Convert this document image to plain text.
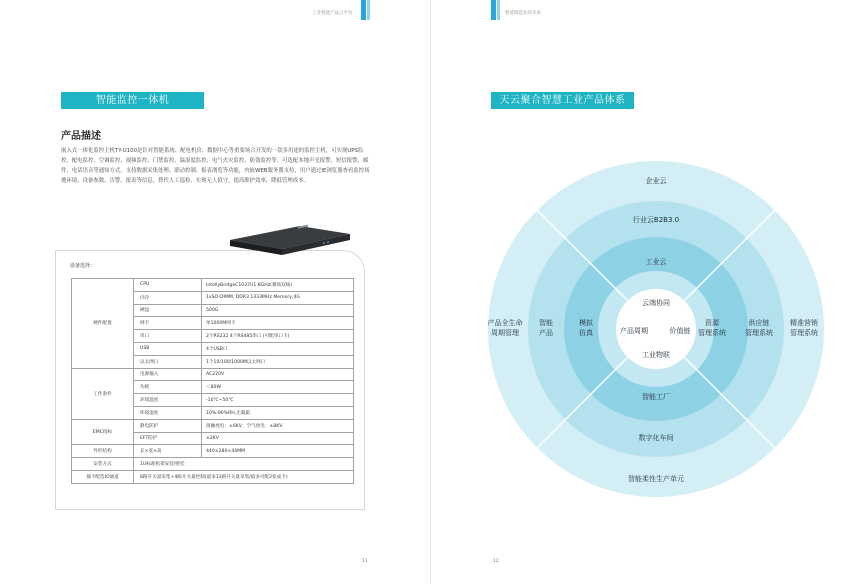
工业智能产品云平台
智能监控一体机
产品描述
嵌入式一体化监控主机TY-U100是针对智能系统、配电机房、数据中心等重要场合开发的一款多用途的监控主机，可实现UPS监控、配电监控、空调监控、视频监控、门禁监控、温湿度监控、电气火灾监控、防盗监控等。可选配本地声光报警、短信报警、邮件、电话语音等通知方式。支持数据采集处理、联动控制、报表浏览等功能，内嵌WEB服务器支持，用户通过IE浏览器查看监控场地环境、设备参数、告警、报表等信息，替代人工巡检，实现无人值守，提高维护效率，降低管理成本。
设备选择：
硬件配置	CPU	IntellyBridgeC1037U1.8GHz(赛扬双核)
	内存	1xSO-DIMM, DDR3 1333MHz Memory,4G
	硬盘	500G
	网卡	单1000M网卡
	串口	2个RS232 4个RS485串口 (可配串口卡)
	USB	4个USB口
	以太网口	1个10/100/1000M以太网口
工作条件	电源输入	AC220V
	功耗	＜80W
	环境温度	-10℃~50℃
	环境湿度	10%-90%RH,无凝霜
EMC指标	静电防护	接触放电：±6KV；空气放电：±8KV
	EFT防护	±2KV
外形结构	长×宽×高	440×280×44MM
安装方式	1U标准机架安装/壁挂	
插卡配选IO通道	8路开关量采集+4路开关量控制(最多12路开关量采集/最多可配2张成卡)	
11
智能制造业的未来
天云聚合智慧工业产品体系
企业云
行业云B2B3.0
工业云
云端协同
产品周期	价值链
工业物联
产品全生命
周期管理
智能
产品
模拟
仿真
资源
管理系统
供应链
管理系统
精准营销
管理系统
智能工厂
数字化车间
智能柔性生产单元
12
